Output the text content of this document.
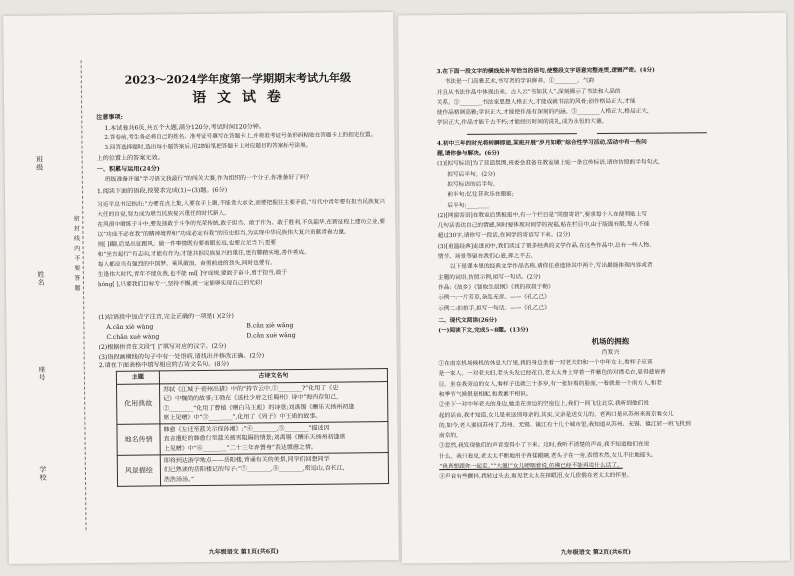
班级
姓名
座号
学校
密 封 线 内 不 要 答 题
2023～2024学年度第一学期期末考试九年级
语 文 试 卷
注意事项:
1.本试卷共6页,共五个大题,满分120分,考试时间120分钟。
2.答卷前,考生务必将自己的姓名、准考证号填写在答题卡上,并将准考证号条形码粘贴在答题卡上的指定位置。
3.回答选择题时,选出每小题答案后,用2B铅笔把答题卡上对应题目的答案标号涂黑。
上的位置上的答案无效。
一、积累与运用(24分)
班级准备开展“学习语文我最行”的闯关大赛,作为组织的一个分子,你准备好了吗?
1.阅读下面的语段,按要求完成(1)~(3)题。(6分)
习近平总书记指出:“力要在点上集,人要在手上聚,不能贪大求全,而要把握住主要矛盾,“当代中青年要有担当民族复兴大任的自觉,努力成为堪当民族复兴重任的时代新人。
在风雨中磨练于斗中,要发扬敢于斗争的光荣传统,敢于担当、敢于作为、敢于胜利,不负韶华,在新征程上建功立业,要以“功成不必在我”的精神境界和“功成必定有我”的历史担当,为实现中华民族伟大复兴贡献青春力量。
则[ ]ǐ腳,后是出征跟风。做一件事情既有要着眼长远,也要立足当下;更要
和“坐言起行”有志向,才能有作为;才能共担民族复兴的重任,更有脚踏实地,善作善成。
每人都应当有强烈的中国梦、乘风破浪、奋勇前进的劲头,同时也要有。
生逢伟大时代,青年不能负我,也不能 mǐ[ ]守成规,要敢于奋斗,勇于担当,敢于
hóng[ ],只要我们目标专一,坚持不懈,就一定能够实现自己的光彩!
(1)给语段中加点字注音,完全正确的一项是( )(2分)
A.cǎn xiè wàng	B.cǎn xiè wǎng
C.chān xuè wàng	D.cǎn xuè wǎng
(2)根据拼音在文段“[ ]”填写对应的汉字。(2分)
(3)语段画横线的句子中有一处语病,请找出并修改正确。(2分)
2.请在下面表格中填写相应的古诗文名句。(8分)
主题	古诗文名句
化用典故	苏轼《江城子·密州出猎》中的“持节云中,①________?”化用了《史
记》中魏尚的故事;王勃在《送杜少府之任蜀州》诗中“海内存知己,
②________”化用了曹植《赠白马王彪》的诗意;刘禹锡《酬乐天扬州初逢
席上见赠》中“③________”,化用了《列子》中王质的故事。

地名传情	韩愈《左迁至蓝关示侄孙湘》:“④________,⑤________”描述因
直言遭贬的韩愈行至蓝关被雪阻隔的情景;刘禹锡《酬乐天扬州初逢席
上见赠》中“⑥________”二十三年弃置身”表达愤懑之情。

风景描绘	即将到达游学地点——岳阳楼,背诵有关的美景,同学们回想同学
们已熟读的岳阳楼记的句子:“⑦________,⑧________,衔远山,吞长江,
浩浩汤汤。”
九年级语文 第1页(共6页)
3.在下面一段文字的横线处补写恰当的语句,使整段文字语意完整连贯,逻辑严密。(4分)
书法是一门高雅艺术,书写者的学识修养、①________、气韵
并且从书法作品中体现出来。古人云“书如其人”,深刻揭示了书法和人品的
关系。②________书法家思想人格正大,才能成就书法的风骨;创作格局正大,才能
使作品格调高雅;学识正大,才能使作品有深刻的内涵。③________人格正大,格局正大,
学识正大,作品才能千古不朽;才能经历时间的洗礼,成为永恒的大德。
4.初中三年的时光将转瞬即逝,某班开展“岁月如歌”综合性学习活动,活动中有一些问
题,请你参与解决。(6分)
(1)[拟写标语]为了营造氛围,班委会准备在教室墙上贴一条宣传标语,请你仿照前半句句式,
拟写后半句。(2分)
拟写标语的后半句。
前半句:忆往昔欢乐在眼前;
后半句:________
(2)[网窗寄语]在教室后黑板报中,有一个栏目是“同窗寄语”,要求每个人在便利贴上写
几句话表达自己的情感,同时要体现对同学的祝福,贴在栏目中,由于版面有限,每人不能
超过30字,请你写一段话,在同学的寄语写下来。(2分)
(3)[重温经典]走进初中,我们读过了很多经典的文学作品,在这些作品中,总有一些人物、
情节、场景等留在我们心底,挥之不去。
以下是课本里的经典文学作品名称,请你任意选择其中两个,写出最能体现内容或者
主题的词语,仿照示例,拟写一句话。(2分)
作品:《故乡》《智取生辰纲》《我的叔叔于勒》
示例一:一片芳草,杂乱无章。——《孔乙己》
示例二:拍拍手,拟写一句话。——《孔乙己》
二、现代文阅读(26分)
(一)阅读下文,完成5~8题。(13分)
机场的拥抱
肖复兴
①在南京机场候机的休息大厅里,我的身边坐着一对老夫妇和一个中年女士,看样子应该
是一家人。一对老夫妇,老头头发已经花白,老太太身上穿着一件紫色的对襟毛衣,显得慈眉善
目。坐在我旁边的女人,看样子也就三十多岁,有一张好看的脸庞,一看就是一个南方人,和老
和季节气候很是相配,和我素不相识。
②坐下一对中年老夫的身边,她坐在旁边的空座位上,我们一同飞往北京,我听到他们说
起的话音,我才知道,女儿是来送别母亲的,其实,父亲是送女儿的。老两口是从苏州来南京看女儿
的,如今,老人要回苏州了,苏州、无锡、镇江有十几个城市里,我知道从苏州、无锡、镇江转一班飞机到
南京的,
③忽然,我发现他们的声音变得小了下来。这时,我听不清楚的声音,我不知道他们在说
什么。我只看见,老太太不断地用手背揉眼睛,老头子在一旁,表情木然,女儿不住地摇头。
“我真想跟你一起走。”“大傻!”女儿哽咽着说,仿佛已经不能再说什么话了。
④声音有些颤抖,我转过头去,看见老太太在抹眼泪,女儿依偎在老太太的怀里。
九年级语文 第2页(共6页)
